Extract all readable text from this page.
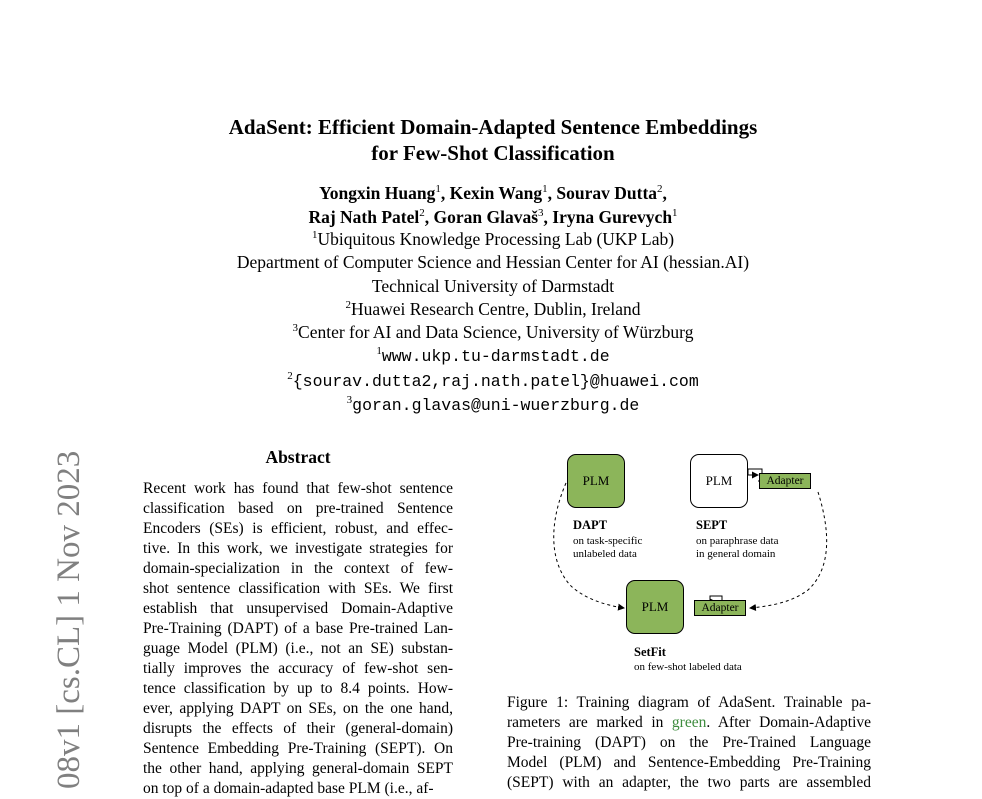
AdaSent: Efficient Domain-Adapted Sentence Embeddings
for Few-Shot Classification
Yongxin Huang$^1$, Kexin Wang$^1$, Sourav Dutta$^2$,
Raj Nath Patel$^2$, Goran Glavaš$^3$, Iryna Gurevych$^1$
$^1$Ubiquitous Knowledge Processing Lab (UKP Lab)
Department of Computer Science and Hessian Center for AI (hessian.AI)
Technical University of Darmstadt
$^2$Huawei Research Centre, Dublin, Ireland
$^3$Center for AI and Data Science, University of Würzburg
$^1$www.ukp.tu-darmstadt.de
$^2${sourav.dutta2,raj.nath.patel}@huawei.com
$^3$goran.glavas@uni-wuerzburg.de
08v1 [cs.CL] 1 Nov 2023	Abstract
Recent work has found that few-shot sentence
classification based on pre-trained Sentence
Encoders (SEs) is efficient, robust, and effec-
tive. In this work, we investigate strategies for
domain-specialization in the context of few-
shot sentence classification with SEs. We first
establish that unsupervised Domain-Adaptive
Pre-Training (DAPT) of a base Pre-trained Lan-
guage Model (PLM) (i.e., not an SE) substan-
tially improves the accuracy of few-shot sen-
tence classification by up to 8.4 points. How-
ever, applying DAPT on SEs, on the one hand,
disrupts the effects of their (general-domain)
Sentence Embedding Pre-Training (SEPT). On
the other hand, applying general-domain SEPT
on top of a domain-adapted base PLM (i.e., af-
PLM
DAPT
on task-specific
unlabeled data
PLM	Adapter
SEPT
on paraphrase data
in general domain
PLM	Adapter
SetFit
on few-shot labeled data
Figure 1: Training diagram of AdaSent. Trainable pa-
rameters are marked in green. After Domain-Adaptive
Pre-training (DAPT) on the Pre-Trained Language
Model (PLM) and Sentence-Embedding Pre-Training
(SEPT) with an adapter, the two parts are assembled
